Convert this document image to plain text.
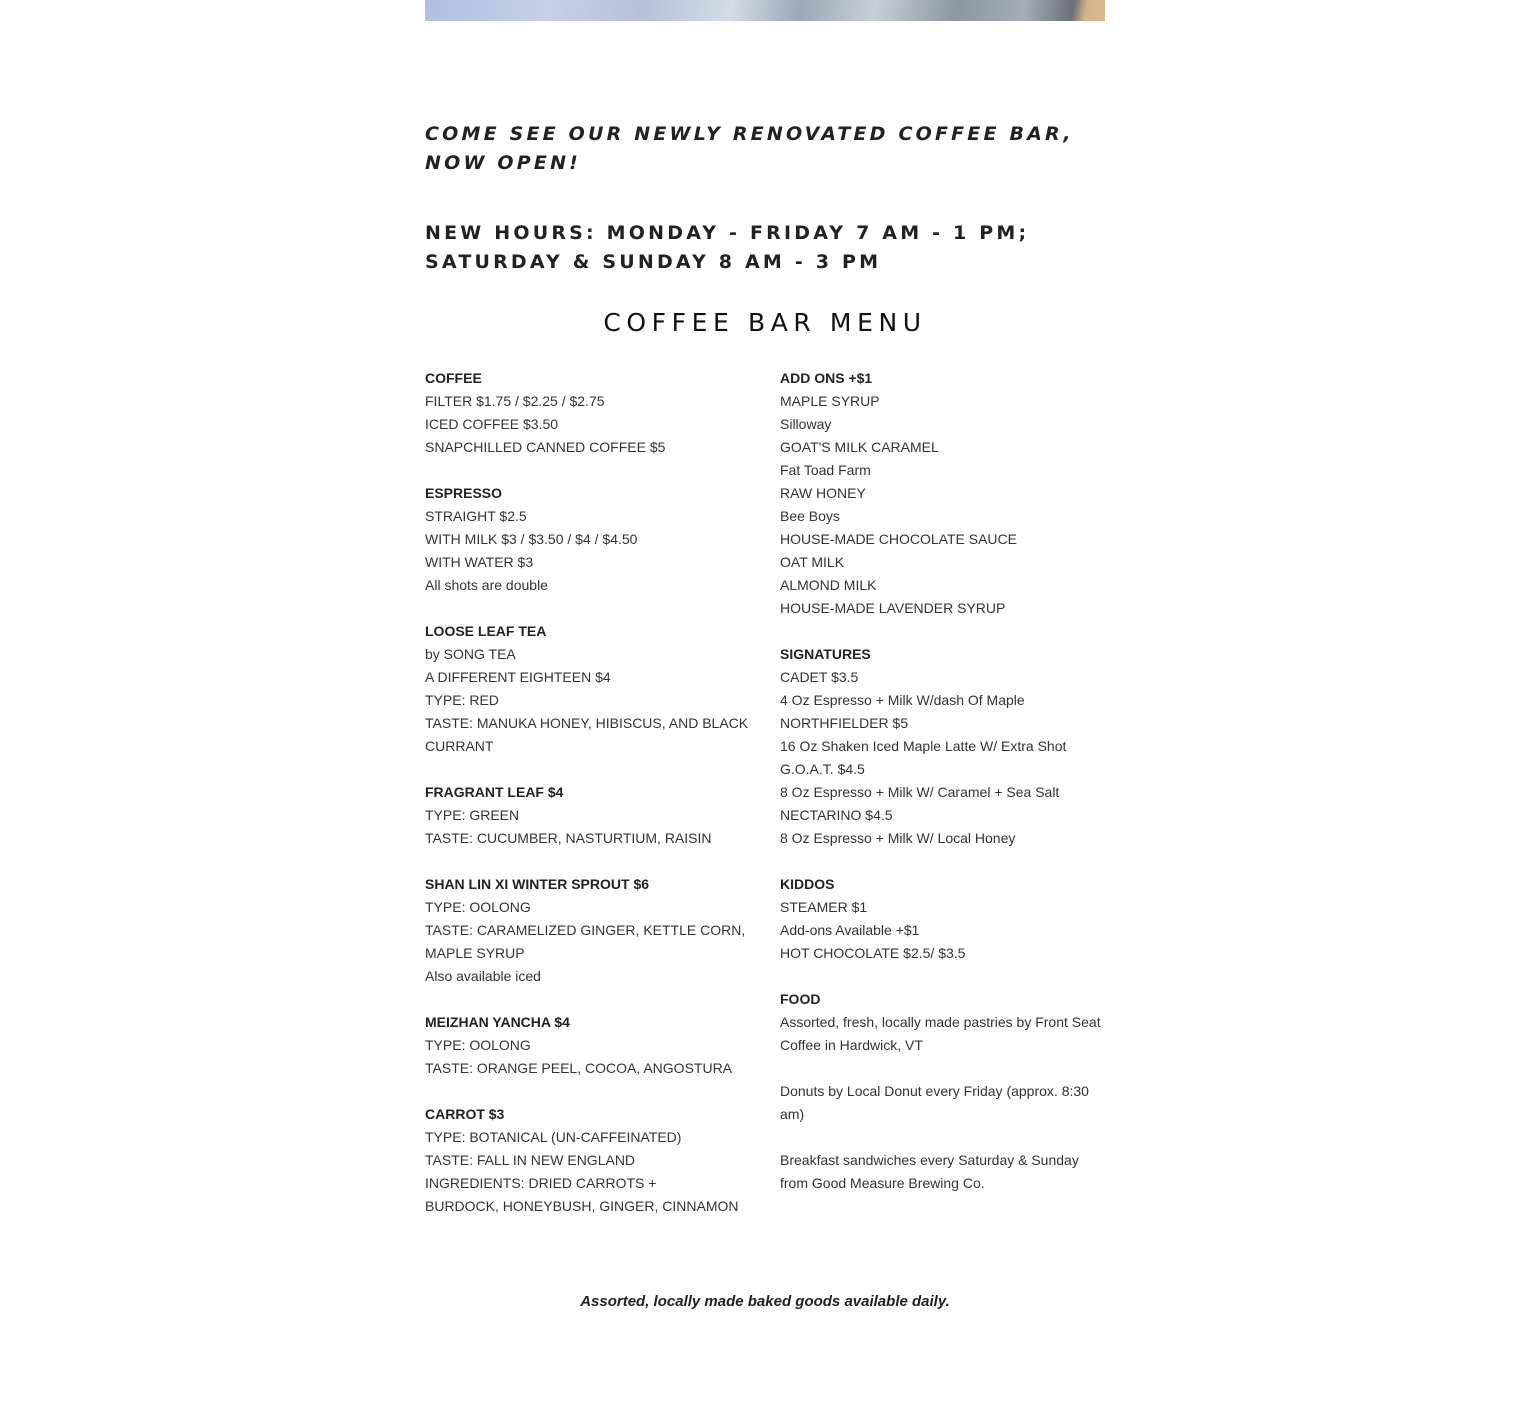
COME SEE OUR NEWLY RENOVATED COFFEE BAR, NOW OPEN!
NEW HOURS: MONDAY - FRIDAY 7 AM - 1 PM;
SATURDAY & SUNDAY 8 AM - 3 PM
COFFEE BAR MENU
COFFEE
FILTER $1.75 / $2.25 / $2.75
ICED COFFEE $3.50
SNAPCHILLED CANNED COFFEE $5
ESPRESSO
STRAIGHT $2.5
WITH MILK $3 / $3.50 / $4 / $4.50
WITH WATER $3
All shots are double
LOOSE LEAF TEA
by SONG TEA
A DIFFERENT EIGHTEEN $4
TYPE: RED
TASTE: MANUKA HONEY, HIBISCUS, AND BLACK CURRANT
FRAGRANT LEAF $4
TYPE: GREEN
TASTE: CUCUMBER, NASTURTIUM, RAISIN
SHAN LIN XI WINTER SPROUT $6
TYPE: OOLONG
TASTE: CARAMELIZED GINGER, KETTLE CORN, MAPLE SYRUP
Also available iced
MEIZHAN YANCHA $4
TYPE: OOLONG
TASTE: ORANGE PEEL, COCOA, ANGOSTURA
CARROT $3
TYPE: BOTANICAL (UN-CAFFEINATED)
TASTE: FALL IN NEW ENGLAND
INGREDIENTS: DRIED CARROTS +
BURDOCK, HONEYBUSH, GINGER, CINNAMON
ADD ONS +$1
MAPLE SYRUP
Silloway
GOAT'S MILK CARAMEL
Fat Toad Farm
RAW HONEY
Bee Boys
HOUSE-MADE CHOCOLATE SAUCE
OAT MILK
ALMOND MILK
HOUSE-MADE LAVENDER SYRUP
SIGNATURES
CADET $3.5
4 Oz Espresso + Milk W/dash Of Maple
NORTHFIELDER $5
16 Oz Shaken Iced Maple Latte W/ Extra Shot
G.O.A.T. $4.5
8 Oz Espresso + Milk W/ Caramel + Sea Salt
NECTARINO $4.5
8 Oz Espresso + Milk W/ Local Honey
KIDDOS
STEAMER $1
Add-ons Available +$1
HOT CHOCOLATE $2.5/ $3.5
FOOD
Assorted, fresh, locally made pastries by Front Seat Coffee in Hardwick, VT
Donuts by Local Donut every Friday (approx. 8:30 am)
Breakfast sandwiches every Saturday & Sunday from Good Measure Brewing Co.

Assorted, locally made baked goods available daily.
